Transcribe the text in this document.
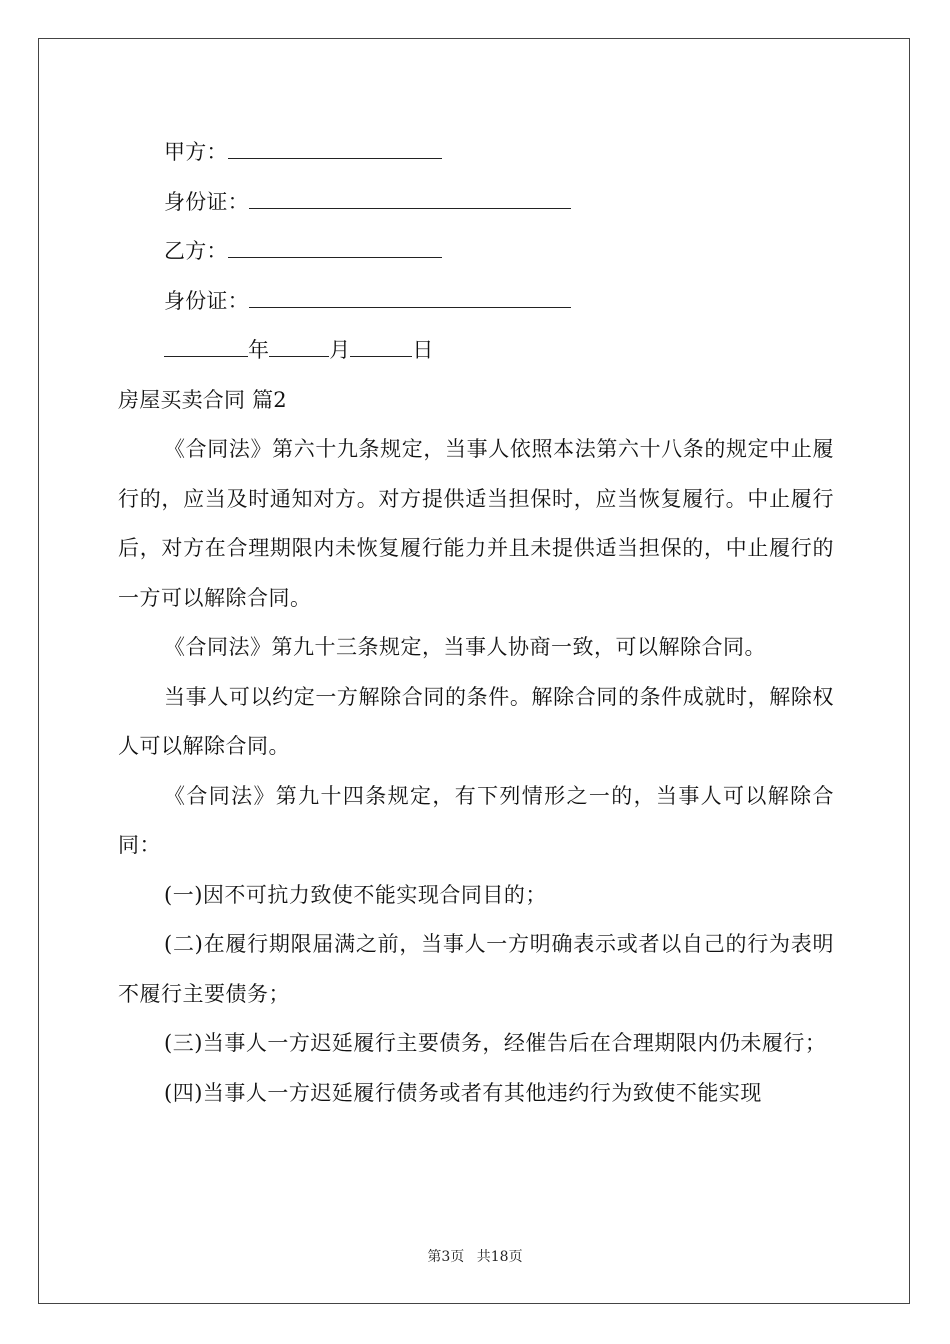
甲方：
身份证：
乙方：
身份证：
年	月	日
房屋买卖合同 篇2

《合同法》第六十九条规定，当事人依照本法第六十八条的规定中止履行的，应当及时通知对方。对方提供适当担保时，应当恢复履行。中止履行后，对方在合理期限内未恢复履行能力并且未提供适当担保的，中止履行的一方可以解除合同。

《合同法》第九十三条规定，当事人协商一致，可以解除合同。

当事人可以约定一方解除合同的条件。解除合同的条件成就时，解除权人可以解除合同。

《合同法》第九十四条规定，有下列情形之一的，当事人可以解除合同：

(一)因不可抗力致使不能实现合同目的；

(二)在履行期限届满之前，当事人一方明确表示或者以自己的行为表明不履行主要债务；

(三)当事人一方迟延履行主要债务，经催告后在合理期限内仍未履行；

(四)当事人一方迟延履行债务或者有其他违约行为致使不能实现

第3页 共18页
